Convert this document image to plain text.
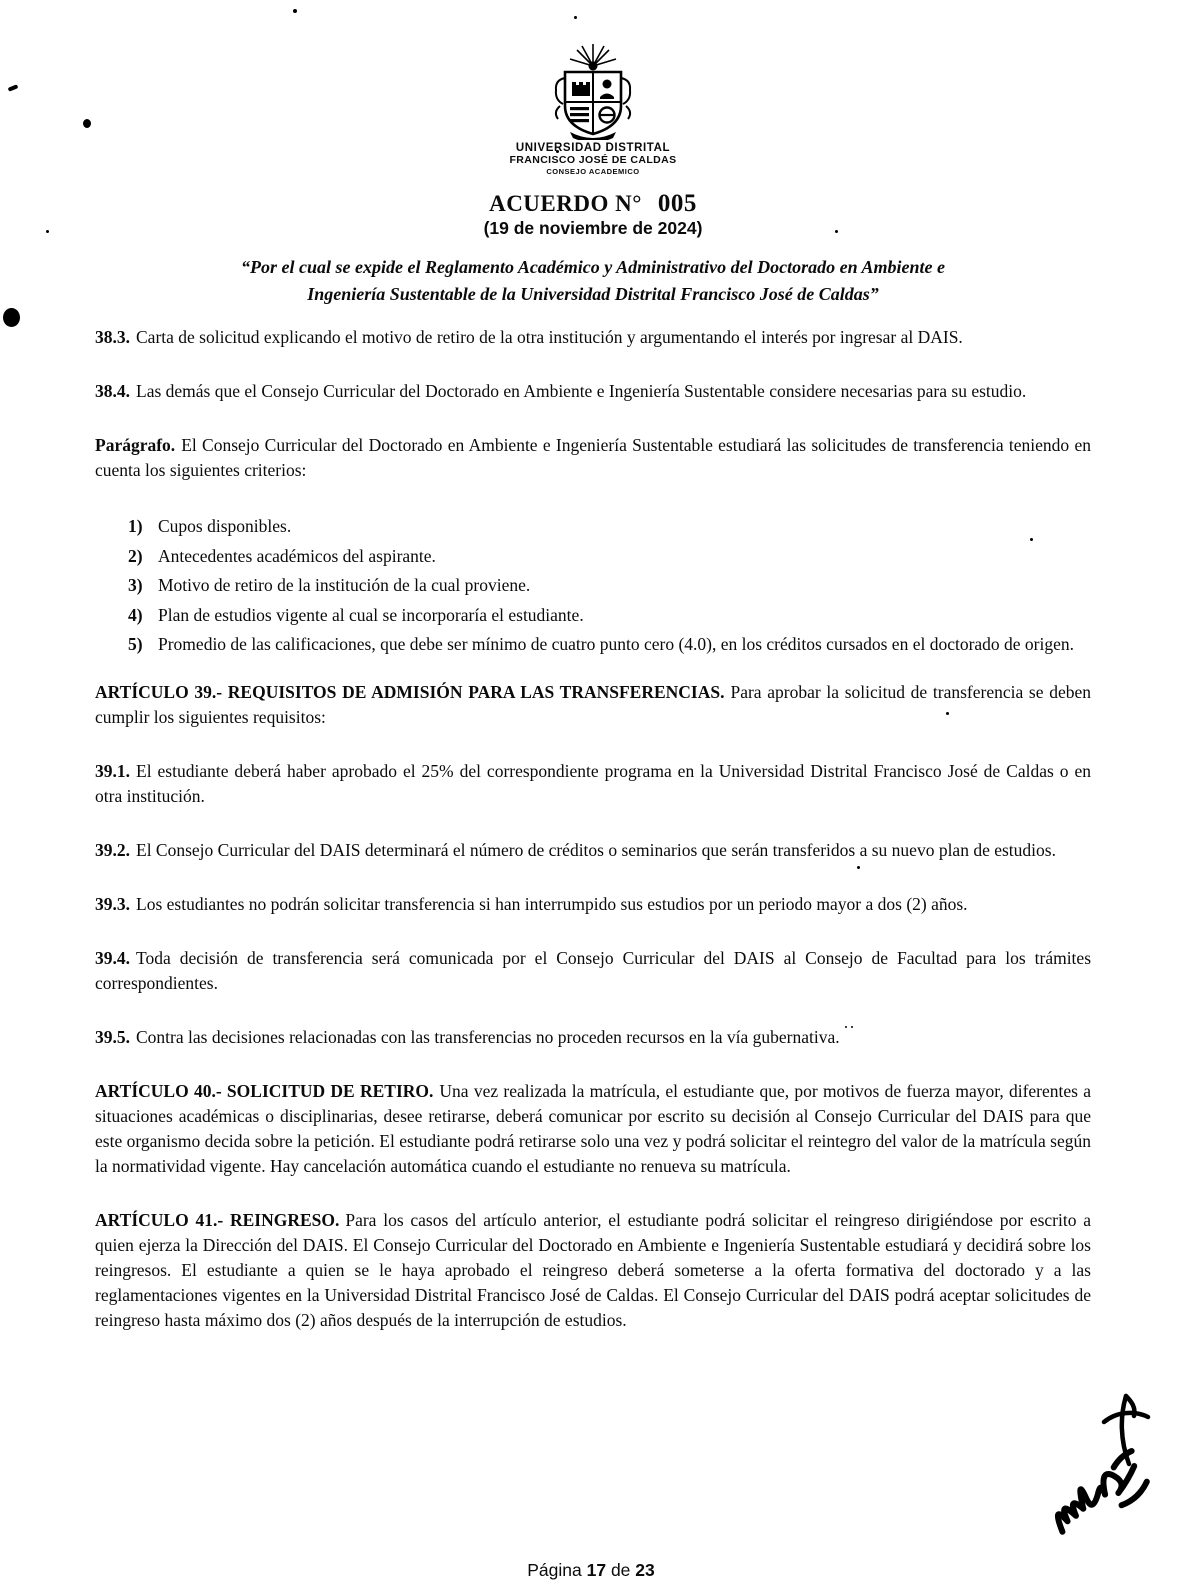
UNIVERSIDAD DISTRITAL
FRANCISCO JOSÉ DE CALDAS
CONSEJO ACADEMICO
ACUERDO N° 005
(19 de noviembre de 2024)
“Por el cual se expide el Reglamento Académico y Administrativo del Doctorado en Ambiente e
Ingeniería Sustentable de la Universidad Distrital Francisco José de Caldas”

38.3. Carta de solicitud explicando el motivo de retiro de la otra institución y argumentando el interés por ingresar al DAIS.

38.4. Las demás que el Consejo Curricular del Doctorado en Ambiente e Ingeniería Sustentable considere necesarias para su estudio.

Parágrafo. El Consejo Curricular del Doctorado en Ambiente e Ingeniería Sustentable estudiará las solicitudes de transferencia teniendo en cuenta los siguientes criterios:

1) Cupos disponibles.
2) Antecedentes académicos del aspirante.
3) Motivo de retiro de la institución de la cual proviene.
4) Plan de estudios vigente al cual se incorporaría el estudiante.
5) Promedio de las calificaciones, que debe ser mínimo de cuatro punto cero (4.0), en los créditos cursados en el doctorado de origen.

ARTÍCULO 39.- REQUISITOS DE ADMISIÓN PARA LAS TRANSFERENCIAS. Para aprobar la solicitud de transferencia se deben cumplir los siguientes requisitos:

39.1. El estudiante deberá haber aprobado el 25% del correspondiente programa en la Universidad Distrital Francisco José de Caldas o en otra institución.

39.2. El Consejo Curricular del DAIS determinará el número de créditos o seminarios que serán transferidos a su nuevo plan de estudios.

39.3. Los estudiantes no podrán solicitar transferencia si han interrumpido sus estudios por un periodo mayor a dos (2) años.

39.4. Toda decisión de transferencia será comunicada por el Consejo Curricular del DAIS al Consejo de Facultad para los trámites correspondientes.

39.5. Contra las decisiones relacionadas con las transferencias no proceden recursos en la vía gubernativa.

ARTÍCULO 40.- SOLICITUD DE RETIRO. Una vez realizada la matrícula, el estudiante que, por motivos de fuerza mayor, diferentes a situaciones académicas o disciplinarias, desee retirarse, deberá comunicar por escrito su decisión al Consejo Curricular del DAIS para que este organismo decida sobre la petición. El estudiante podrá retirarse solo una vez y podrá solicitar el reintegro del valor de la matrícula según la normatividad vigente. Hay cancelación automática cuando el estudiante no renueva su matrícula.

ARTÍCULO 41.- REINGRESO. Para los casos del artículo anterior, el estudiante podrá solicitar el reingreso dirigiéndose por escrito a quien ejerza la Dirección del DAIS. El Consejo Curricular del Doctorado en Ambiente e Ingeniería Sustentable estudiará y decidirá sobre los reingresos. El estudiante a quien se le haya aprobado el reingreso deberá someterse a la oferta formativa del doctorado y a las reglamentaciones vigentes en la Universidad Distrital Francisco José de Caldas. El Consejo Curricular del DAIS podrá aceptar solicitudes de reingreso hasta máximo dos (2) años después de la interrupción de estudios.

Página 17 de 23
